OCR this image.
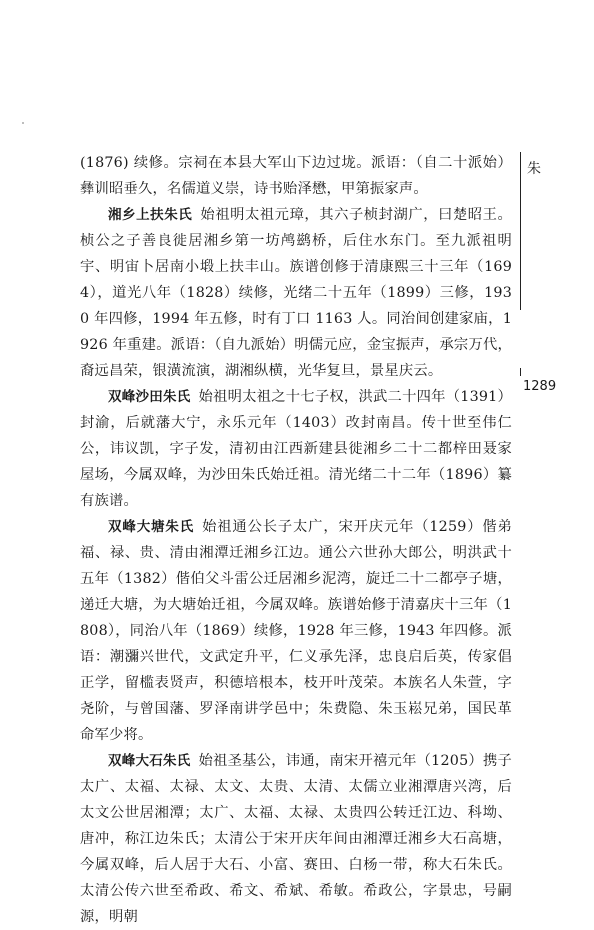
(1876) 续修。宗祠在本县大军山下边过垅。派语：（自二十派始）彝训昭垂久，名儒道义崇，诗书贻泽懋，甲第振家声。

湘乡上扶朱氏 始祖明太祖元璋，其六子桢封湖广，曰楚昭王。桢公之子善良徙居湘乡第一坊鸬鹚桥，后住水东门。至九派祖明宇、明宙卜居南小塅上扶丰山。族谱创修于清康熙三十三年（1694），道光八年（1828）续修，光绪二十五年（1899）三修，1930 年四修，1994 年五修，时有丁口 1163 人。同治间创建家庙，1926 年重建。派语：（自九派始）明儒元应，金宝振声，承宗万代，裔远昌荣，银潢流演，湖湘纵横，光华复旦，景星庆云。

双峰沙田朱氏 始祖明太祖之十七子权，洪武二十四年（1391）封渝，后就藩大宁，永乐元年（1403）改封南昌。传十世至伟仁公，讳议凯，字子发，清初由江西新建县徙湘乡二十二都梓田聂家屋场，今属双峰，为沙田朱氏始迁祖。清光绪二十二年（1896）纂有族谱。

双峰大塘朱氏 始祖通公长子太广，宋开庆元年（1259）偕弟福、禄、贵、清由湘潭迁湘乡江边。通公六世孙大郎公，明洪武十五年（1382）偕伯父斗雷公迁居湘乡泥湾，旋迁二十二都亭子塘，递迁大塘，为大塘始迁祖，今属双峰。族谱始修于清嘉庆十三年（1808），同治八年（1869）续修，1928 年三修，1943 年四修。派语：潮瀰兴世代，文武定升平，仁义承先泽，忠良启后英，传家倡正学，留槛表贤声，积德培根本，枝开叶茂荣。本族名人朱萱，字尧阶，与曾国藩、罗泽南讲学邑中；朱费隐、朱玉崧兄弟，国民革命军少将。

双峰大石朱氏 始祖圣基公，讳通，南宋开禧元年（1205）携子太广、太福、太禄、太文、太贵、太清、太儒立业湘潭唐兴湾，后太文公世居湘潭；太广、太福、太禄、太贵四公转迁江边、科坳、唐冲，称江边朱氏；太清公于宋开庆年间由湘潭迁湘乡大石高塘，今属双峰，后人居于大石、小富、赛田、白杨一带，称大石朱氏。太清公传六世至希政、希文、希斌、希敏。希政公，字景忠，号嗣源，明朝

朱
1289
